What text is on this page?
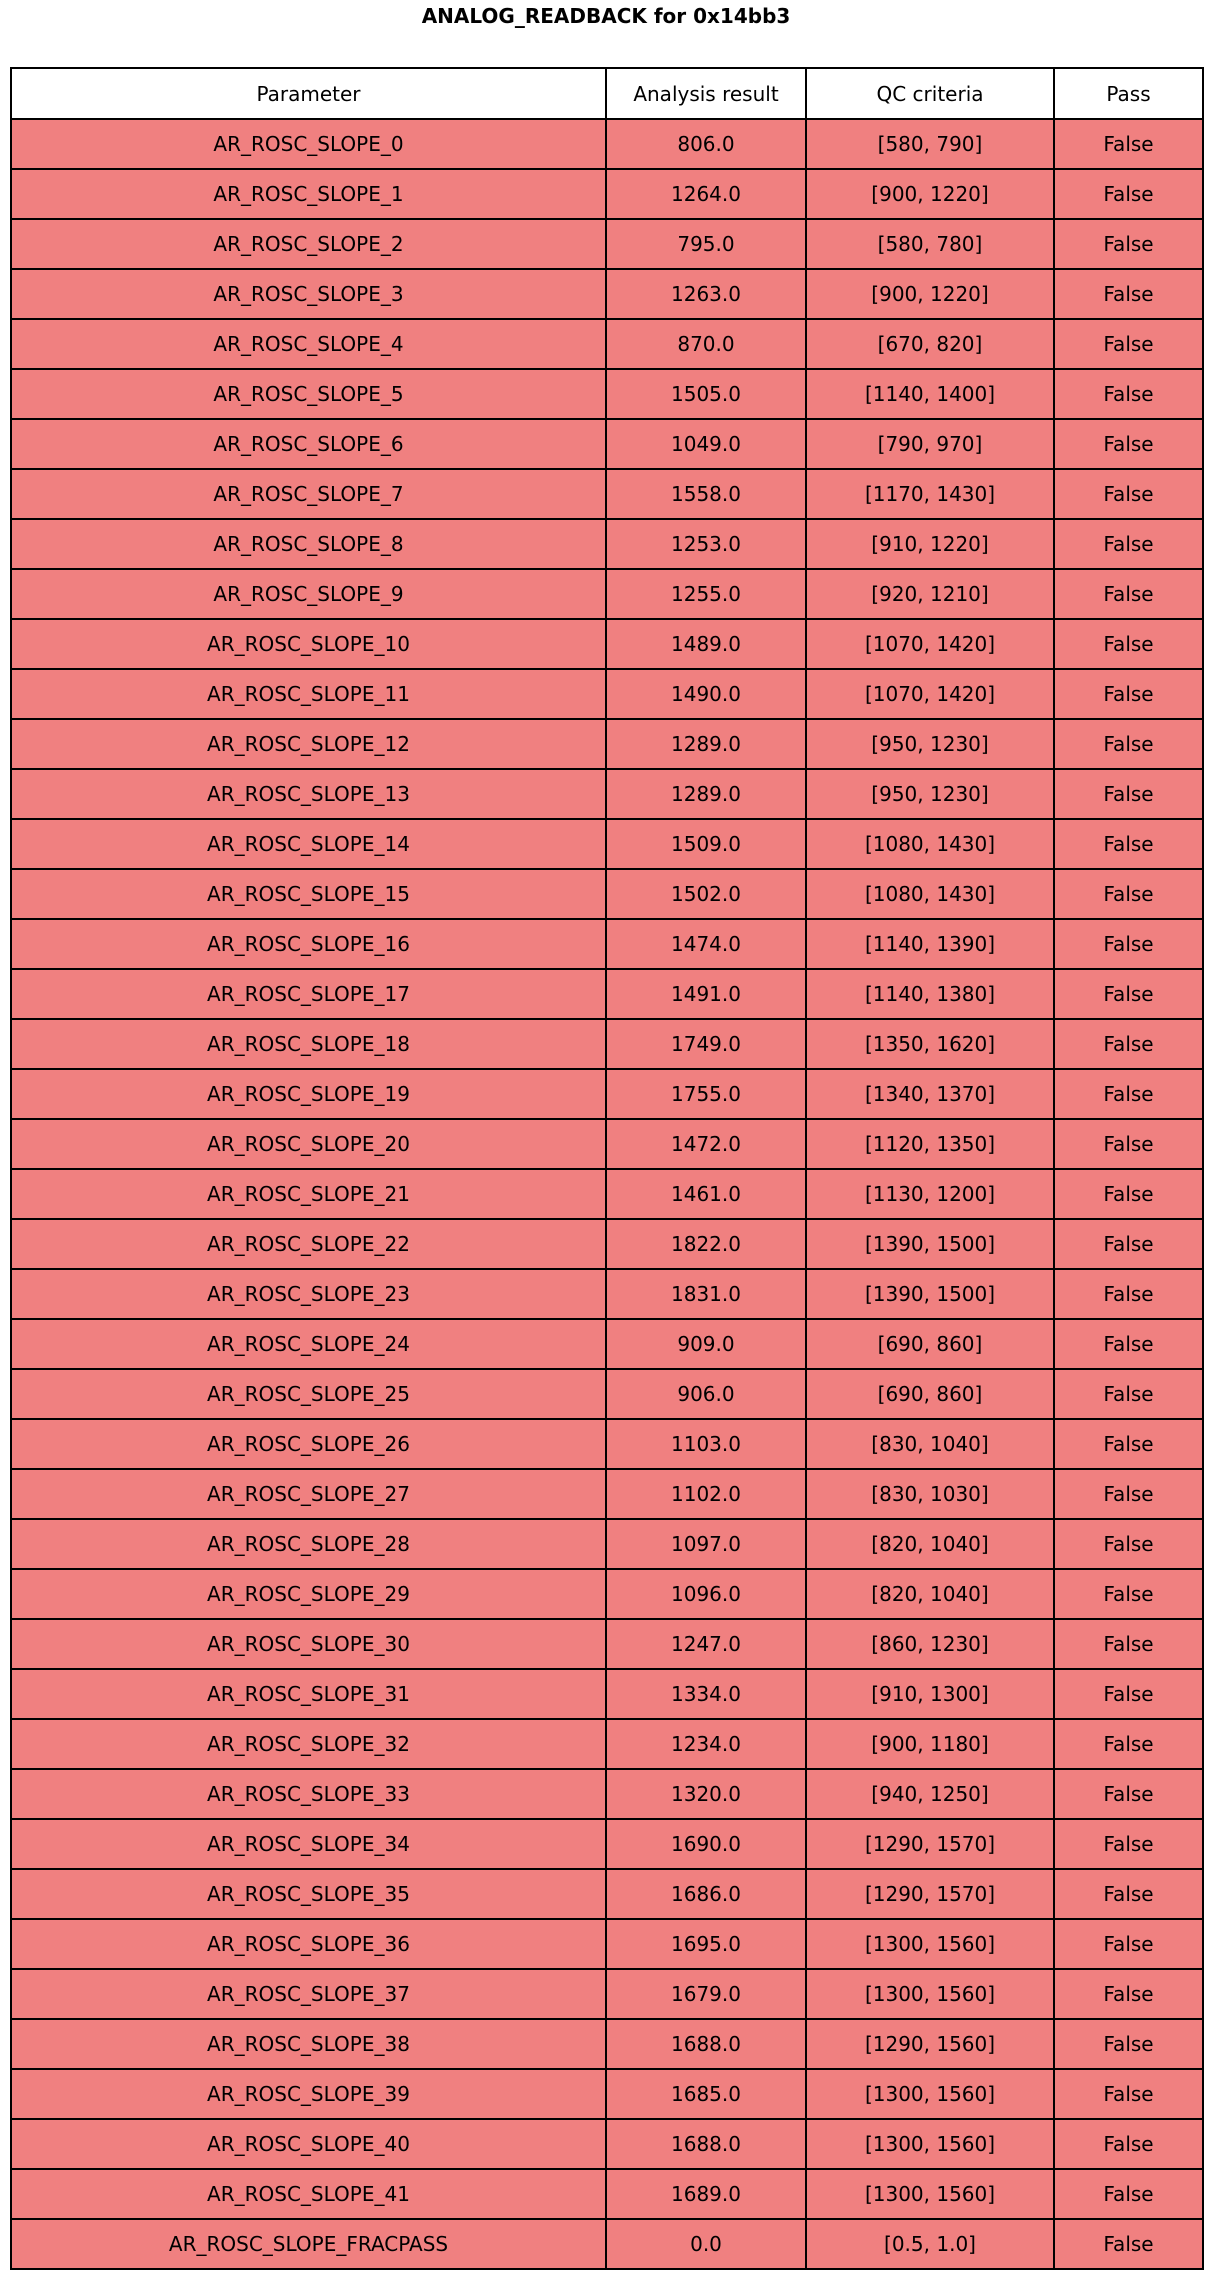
ANALOG_READBACK for 0x14bb3
Parameter	Analysis result	QC criteria	Pass
AR_ROSC_SLOPE_0	806.0	[580, 790]	False
AR_ROSC_SLOPE_1	1264.0	[900, 1220]	False
AR_ROSC_SLOPE_2	795.0	[580, 780]	False
AR_ROSC_SLOPE_3	1263.0	[900, 1220]	False
AR_ROSC_SLOPE_4	870.0	[670, 820]	False
AR_ROSC_SLOPE_5	1505.0	[1140, 1400]	False
AR_ROSC_SLOPE_6	1049.0	[790, 970]	False
AR_ROSC_SLOPE_7	1558.0	[1170, 1430]	False
AR_ROSC_SLOPE_8	1253.0	[910, 1220]	False
AR_ROSC_SLOPE_9	1255.0	[920, 1210]	False
AR_ROSC_SLOPE_10	1489.0	[1070, 1420]	False
AR_ROSC_SLOPE_11	1490.0	[1070, 1420]	False
AR_ROSC_SLOPE_12	1289.0	[950, 1230]	False
AR_ROSC_SLOPE_13	1289.0	[950, 1230]	False
AR_ROSC_SLOPE_14	1509.0	[1080, 1430]	False
AR_ROSC_SLOPE_15	1502.0	[1080, 1430]	False
AR_ROSC_SLOPE_16	1474.0	[1140, 1390]	False
AR_ROSC_SLOPE_17	1491.0	[1140, 1380]	False
AR_ROSC_SLOPE_18	1749.0	[1350, 1620]	False
AR_ROSC_SLOPE_19	1755.0	[1340, 1370]	False
AR_ROSC_SLOPE_20	1472.0	[1120, 1350]	False
AR_ROSC_SLOPE_21	1461.0	[1130, 1200]	False
AR_ROSC_SLOPE_22	1822.0	[1390, 1500]	False
AR_ROSC_SLOPE_23	1831.0	[1390, 1500]	False
AR_ROSC_SLOPE_24	909.0	[690, 860]	False
AR_ROSC_SLOPE_25	906.0	[690, 860]	False
AR_ROSC_SLOPE_26	1103.0	[830, 1040]	False
AR_ROSC_SLOPE_27	1102.0	[830, 1030]	False
AR_ROSC_SLOPE_28	1097.0	[820, 1040]	False
AR_ROSC_SLOPE_29	1096.0	[820, 1040]	False
AR_ROSC_SLOPE_30	1247.0	[860, 1230]	False
AR_ROSC_SLOPE_31	1334.0	[910, 1300]	False
AR_ROSC_SLOPE_32	1234.0	[900, 1180]	False
AR_ROSC_SLOPE_33	1320.0	[940, 1250]	False
AR_ROSC_SLOPE_34	1690.0	[1290, 1570]	False
AR_ROSC_SLOPE_35	1686.0	[1290, 1570]	False
AR_ROSC_SLOPE_36	1695.0	[1300, 1560]	False
AR_ROSC_SLOPE_37	1679.0	[1300, 1560]	False
AR_ROSC_SLOPE_38	1688.0	[1290, 1560]	False
AR_ROSC_SLOPE_39	1685.0	[1300, 1560]	False
AR_ROSC_SLOPE_40	1688.0	[1300, 1560]	False
AR_ROSC_SLOPE_41	1689.0	[1300, 1560]	False
AR_ROSC_SLOPE_FRACPASS	0.0	[0.5, 1.0]	False
